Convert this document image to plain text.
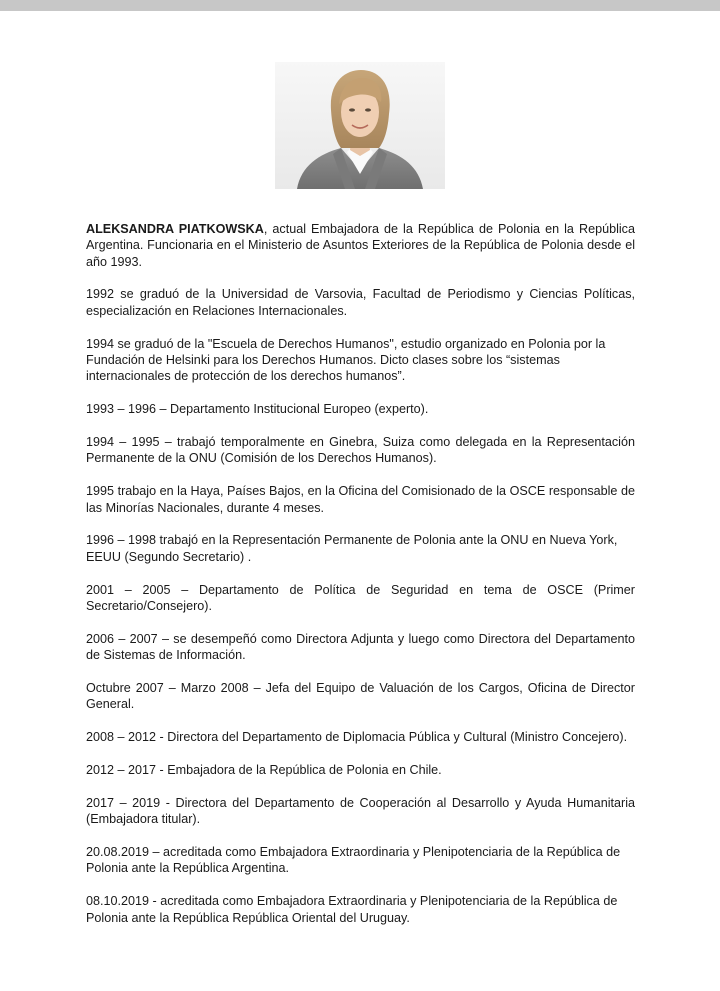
ALEKSANDRA PIATKOWSKA, actual Embajadora de la República de Polonia en la República Argentina. Funcionaria en el Ministerio de Asuntos Exteriores de la República de Polonia desde el año 1993.

1992 se graduó de la Universidad de Varsovia, Facultad de Periodismo y Ciencias Políticas, especialización en Relaciones Internacionales.

1994 se graduó de la "Escuela de Derechos Humanos", estudio organizado en Polonia por la Fundación de Helsinki para los Derechos Humanos. Dicto clases sobre los “sistemas internacionales de protección de los derechos humanos”.

1993 – 1996 – Departamento Institucional Europeo (experto).

1994 – 1995 – trabajó temporalmente en Ginebra, Suiza como delegada en la Representación Permanente de la ONU (Comisión de los Derechos Humanos).

1995 trabajo en la Haya, Países Bajos, en la Oficina del Comisionado de la OSCE responsable de las Minorías Nacionales, durante 4 meses.

1996 – 1998 trabajó en la Representación Permanente de Polonia ante la ONU en Nueva York, EEUU (Segundo Secretario) .

2001 – 2005 – Departamento de Política de Seguridad en tema de OSCE (Primer Secretario/Consejero).

2006 – 2007 – se desempeñó como Directora Adjunta y luego como Directora del Departamento de Sistemas de Información.

Octubre 2007 – Marzo 2008 – Jefa del Equipo de Valuación de los Cargos, Oficina de Director General.

2008 – 2012 - Directora del Departamento de Diplomacia Pública y Cultural (Ministro Concejero).

2012 – 2017 - Embajadora de la República de Polonia en Chile.

2017 – 2019 - Directora del Departamento de Cooperación al Desarrollo y Ayuda Humanitaria (Embajadora titular).

20.08.2019 – acreditada como Embajadora Extraordinaria y Plenipotenciaria de la República de Polonia ante la República Argentina.

08.10.2019 - acreditada como Embajadora Extraordinaria y Plenipotenciaria de la República de Polonia ante la República República Oriental del Uruguay.
